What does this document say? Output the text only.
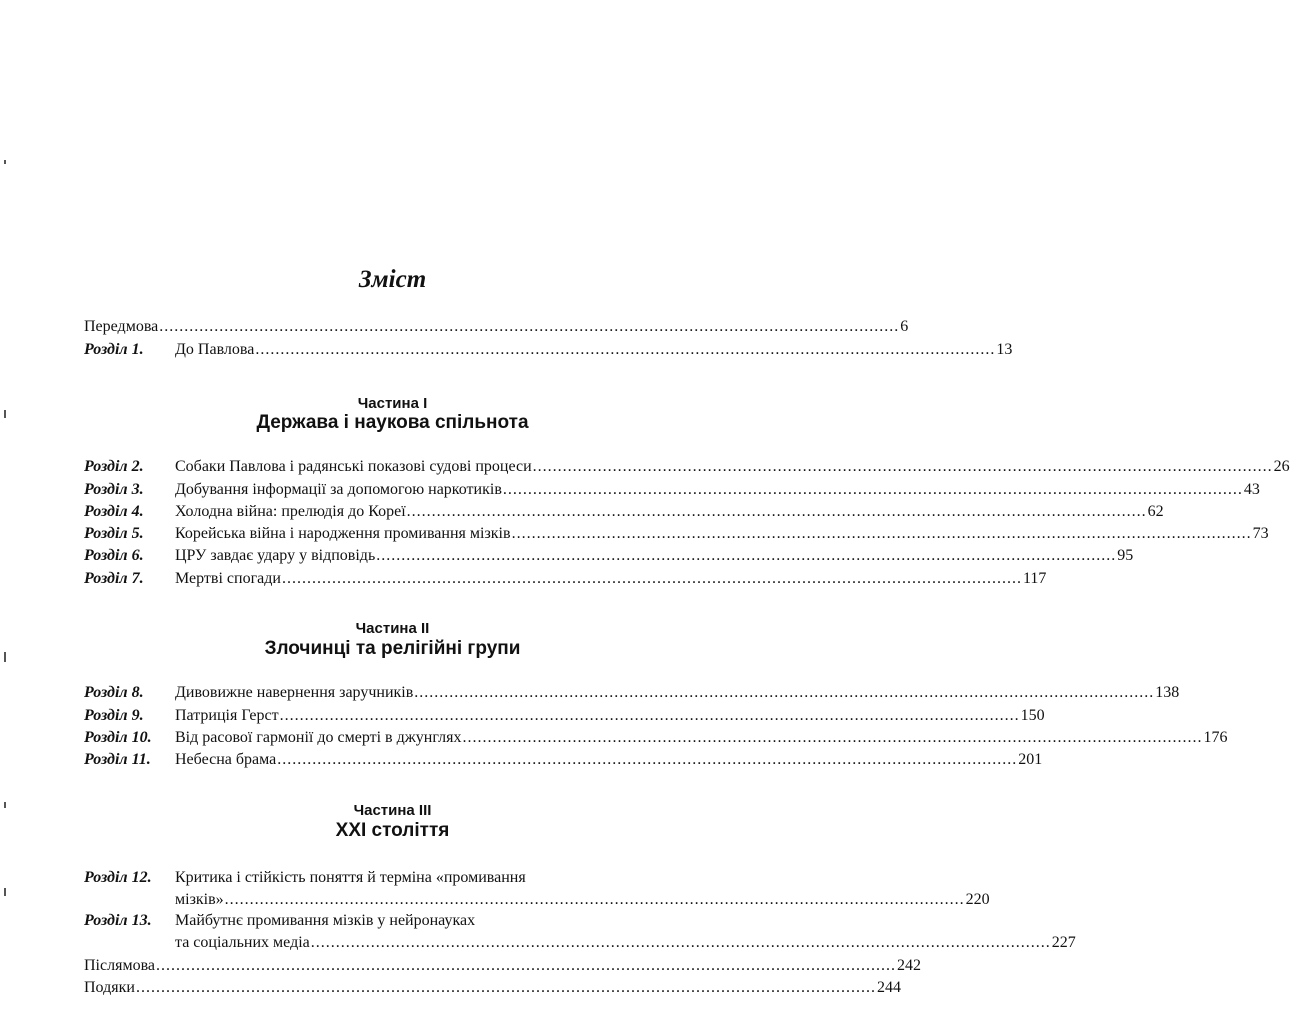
Зміст
Передмова .................................................................................................................................................... 6
Розділ 1. До Павлова .................................................................................................................................................... 13
Частина І
Держава і наукова спільнота
Розділ 2. Собаки Павлова і радянські показові судові процеси .................................................................................................................................................... 26
Розділ 3. Добування інформації за допомогою наркотиків .................................................................................................................................................... 43
Розділ 4. Холодна війна: прелюдія до Кореї .................................................................................................................................................... 62
Розділ 5. Корейська війна і народження промивання мізків .................................................................................................................................................... 73
Розділ 6. ЦРУ завдає удару у відповідь .................................................................................................................................................... 95
Розділ 7. Мертві спогади .................................................................................................................................................... 117
Частина ІІ
Злочинці та релігійні групи
Розділ 8. Дивовижне навернення заручників .................................................................................................................................................... 138
Розділ 9. Патриція Герст .................................................................................................................................................... 150
Розділ 10. Від расової гармонії до смерті в джунглях .................................................................................................................................................... 176
Розділ 11. Небесна брама .................................................................................................................................................... 201
Частина ІІІ
ХХІ століття
Розділ 12. Критика і стійкість поняття й терміна «промивання
мізків» .................................................................................................................................................... 220
Розділ 13. Майбутнє промивання мізків у нейронауках
та соціальних медіа .................................................................................................................................................... 227
Післямова .................................................................................................................................................... 242
Подяки .................................................................................................................................................... 244
